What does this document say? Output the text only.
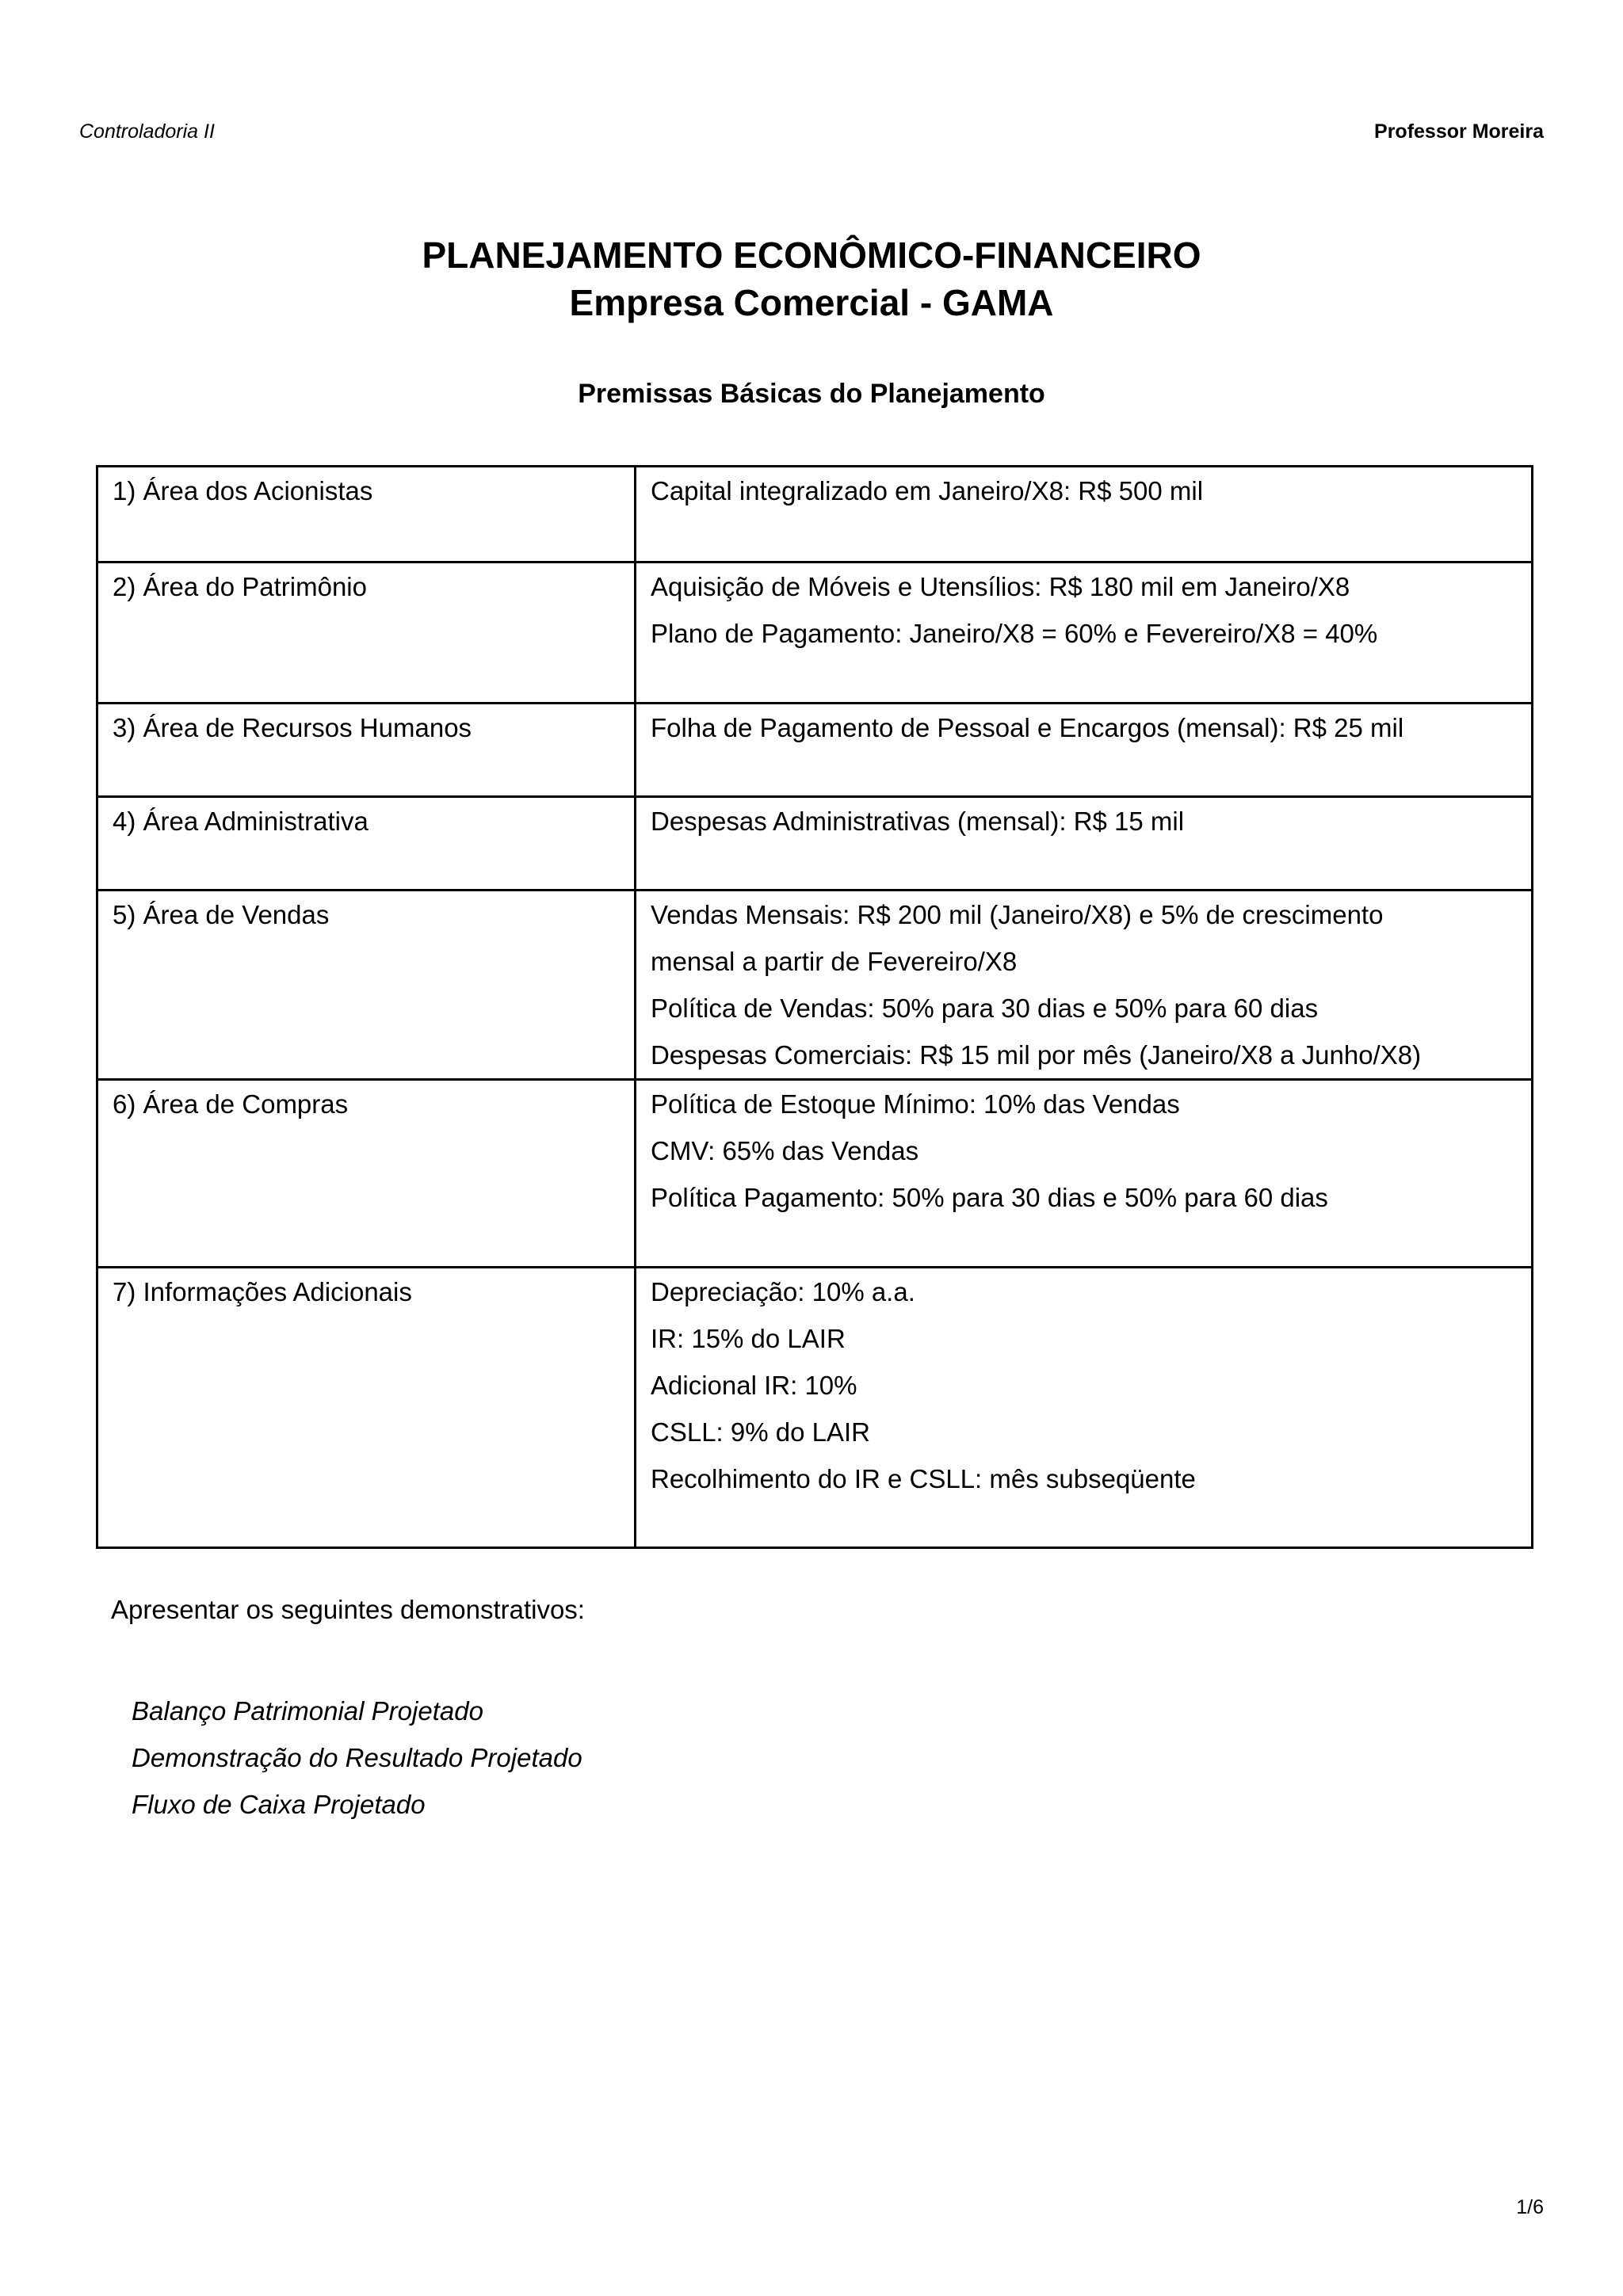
Controladoria II	Professor Moreira
PLANEJAMENTO ECONÔMICO-FINANCEIRO
Empresa Comercial - GAMA
Premissas Básicas do Planejamento
1) Área dos Acionistas	Capital integralizado em Janeiro/X8: R$ 500 mil

2) Área do Patrimônio	Aquisição de Móveis e Utensílios: R$ 180 mil em Janeiro/X8
Plano de Pagamento: Janeiro/X8 = 60% e Fevereiro/X8 = 40%

3) Área de Recursos Humanos	Folha de Pagamento de Pessoal e Encargos (mensal): R$ 25 mil

4) Área Administrativa	Despesas Administrativas (mensal): R$ 15 mil

5) Área de Vendas	Vendas Mensais: R$ 200 mil (Janeiro/X8) e 5% de crescimento
mensal a partir de Fevereiro/X8
Política de Vendas: 50% para 30 dias e 50% para 60 dias
Despesas Comerciais: R$ 15 mil por mês (Janeiro/X8 a Junho/X8)

6) Área de Compras	Política de Estoque Mínimo: 10% das Vendas
CMV: 65% das Vendas
Política Pagamento: 50% para 30 dias e 50% para 60 dias

7) Informações Adicionais	Depreciação: 10% a.a.
IR: 15% do LAIR
Adicional IR: 10%
CSLL: 9% do LAIR
Recolhimento do IR e CSLL: mês subseqüente
Apresentar os seguintes demonstrativos:
Balanço Patrimonial Projetado
Demonstração do Resultado Projetado
Fluxo de Caixa Projetado
1/6
